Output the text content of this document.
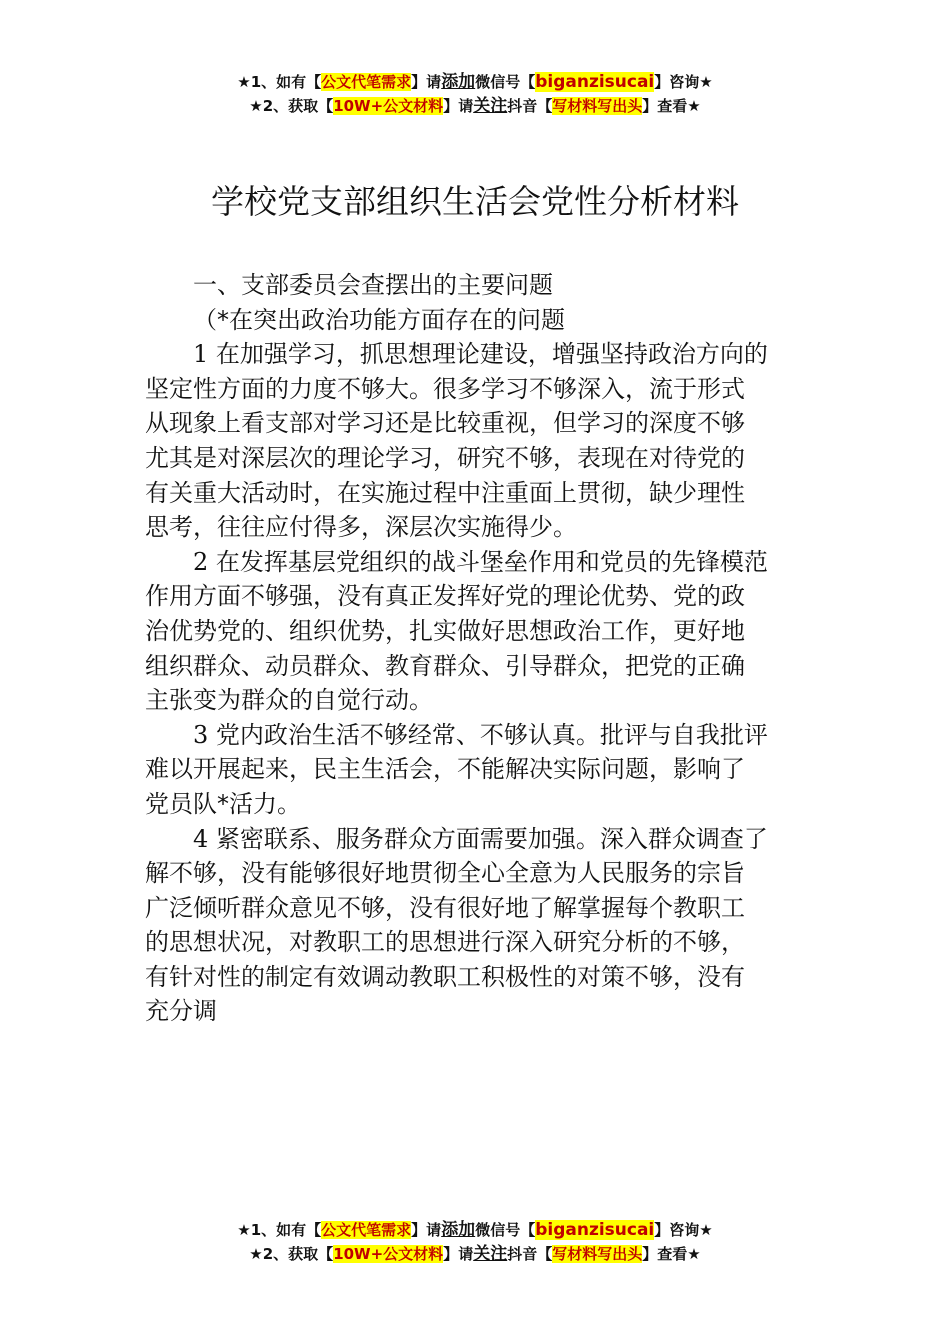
★1、如有【公文代笔需求】请添加微信号【biganzisucai】咨询★
★2、获取【10W+公文材料】请关注抖音【写材料写出头】查看★
学校党支部组织生活会党性分析材料
一、支部委员会查摆出的主要问题
（*在突出政治功能方面存在的问题
1 在加强学习，抓思想理论建设，增强坚持政治方向的
坚定性方面的力度不够大。很多学习不够深入，流于形式
从现象上看支部对学习还是比较重视，但学习的深度不够
尤其是对深层次的理论学习，研究不够，表现在对待党的
有关重大活动时，在实施过程中注重面上贯彻，缺少理性
思考，往往应付得多，深层次实施得少。
2 在发挥基层党组织的战斗堡垒作用和党员的先锋模范
作用方面不够强，没有真正发挥好党的理论优势、党的政
治优势党的、组织优势，扎实做好思想政治工作，更好地
组织群众、动员群众、教育群众、引导群众，把党的正确
主张变为群众的自觉行动。
3 党内政治生活不够经常、不够认真。批评与自我批评
难以开展起来，民主生活会，不能解决实际问题，影响了
党员队*活力。
4 紧密联系、服务群众方面需要加强。深入群众调查了
解不够，没有能够很好地贯彻全心全意为人民服务的宗旨
广泛倾听群众意见不够，没有很好地了解掌握每个教职工
的思想状况，对教职工的思想进行深入研究分析的不够，
有针对性的制定有效调动教职工积极性的对策不够，没有
充分调
★1、如有【公文代笔需求】请添加微信号【biganzisucai】咨询★
★2、获取【10W+公文材料】请关注抖音【写材料写出头】查看★
